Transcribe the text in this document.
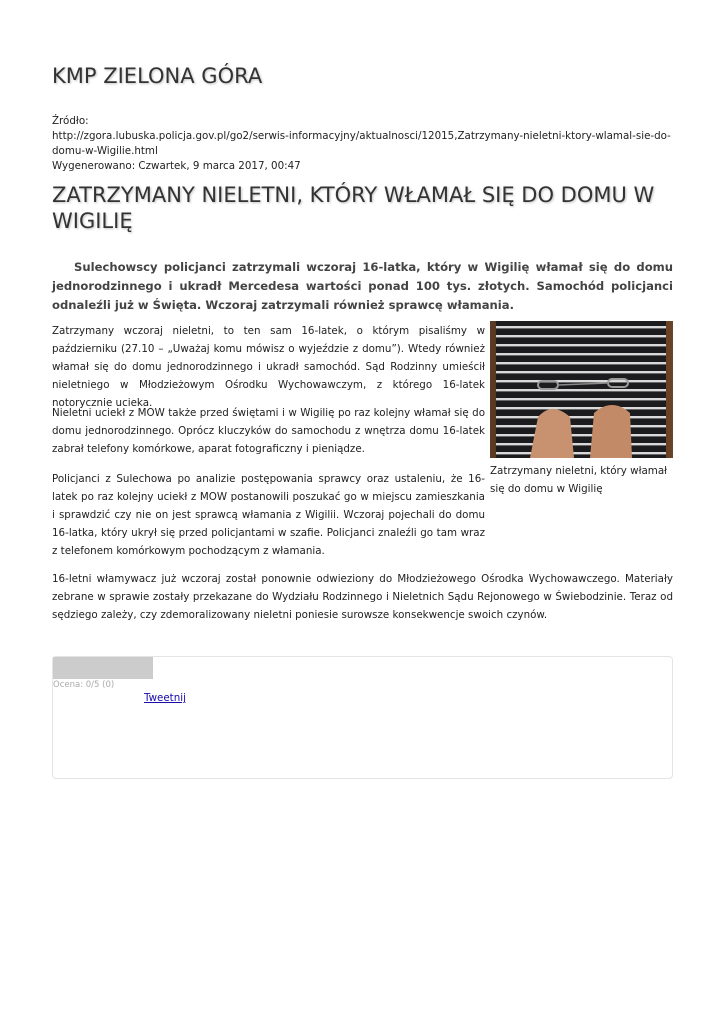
KMP ZIELONA GÓRA
Źródło:
http://zgora.lubuska.policja.gov.pl/go2/serwis-informacyjny/aktualnosci/12015,Zatrzymany-nieletni-ktory-wlamal-sie-do-domu-w-Wigilie.html
Wygenerowano: Czwartek, 9 marca 2017, 00:47
ZATRZYMANY NIELETNI, KTÓRY WŁAMAŁ SIĘ DO DOMU W WIGILIĘ

Sulechowscy policjanci zatrzymali wczoraj 16-latka, który w Wigilię włamał się do domu jednorodzinnego i ukradł Mercedesa wartości ponad 100 tys. złotych. Samochód policjanci odnaleźli już w Święta. Wczoraj zatrzymali również sprawcę włamania.

Zatrzymany nieletni, który włamał się do domu w Wigilię

Zatrzymany wczoraj nieletni, to ten sam 16-latek, o którym pisaliśmy w październiku (27.10 – „Uważaj komu mówisz o wyjeździe z domu”). Wtedy również włamał się do domu jednorodzinnego i ukradł samochód. Sąd Rodzinny umieścił nieletniego w Młodzieżowym Ośrodku Wychowawczym, z którego 16-latek notorycznie ucieka.

Nieletni uciekł z MOW także przed świętami i w Wigilię po raz kolejny włamał się do domu jednorodzinnego. Oprócz kluczyków do samochodu z wnętrza domu 16-latek zabrał telefony komórkowe, aparat fotograficzny i pieniądze.

Policjanci z Sulechowa po analizie postępowania sprawcy oraz ustaleniu, że 16-latek po raz kolejny uciekł z MOW postanowili poszukać go w miejscu zamieszkania i sprawdzić czy nie on jest sprawcą włamania z Wigilii. Wczoraj pojechali do domu 16-latka, który ukrył się przed policjantami w szafie. Policjanci znaleźli go tam wraz z telefonem komórkowym pochodzącym z włamania.

16-letni włamywacz już wczoraj został ponownie odwieziony do Młodzieżowego Ośrodka Wychowawczego. Materiały zebrane w sprawie zostały przekazane do Wydziału Rodzinnego i Nieletnich Sądu Rejonowego w Świebodzinie. Teraz od sędziego zależy, czy zdemoralizowany nieletni poniesie surowsze konsekwencje swoich czynów.

Ocena: 0/5 (0)
Tweetnij
